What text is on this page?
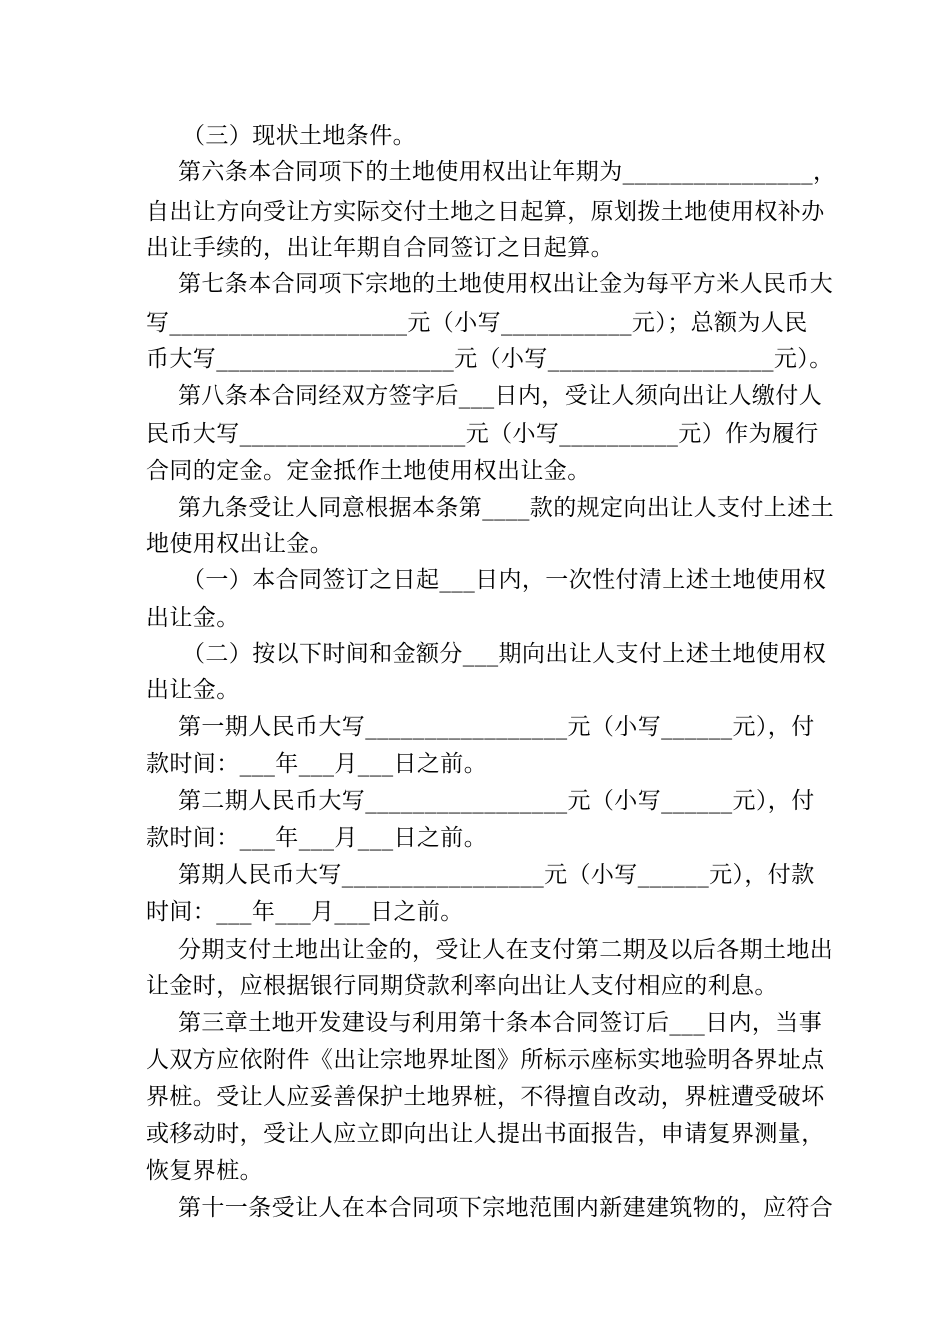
（三）现状土地条件。
第六条本合同项下的土地使用权出让年期为________________，
自出让方向受让方实际交付土地之日起算，原划拨土地使用权补办
出让手续的，出让年期自合同签订之日起算。
第七条本合同项下宗地的土地使用权出让金为每平方米人民币大
写____________________元（小写___________元）；总额为人民
币大写____________________元（小写___________________元）。
第八条本合同经双方签字后___日内，受让人须向出让人缴付人
民币大写___________________元（小写__________元）作为履行
合同的定金。定金抵作土地使用权出让金。
第九条受让人同意根据本条第____款的规定向出让人支付上述土
地使用权出让金。
（一）本合同签订之日起___日内，一次性付清上述土地使用权
出让金。
（二）按以下时间和金额分___期向出让人支付上述土地使用权
出让金。
第一期人民币大写_________________元（小写______元），付
款时间：___年___月___日之前。
第二期人民币大写_________________元（小写______元），付
款时间：___年___月___日之前。
第期人民币大写_________________元（小写______元），付款
时间：___年___月___日之前。
分期支付土地出让金的，受让人在支付第二期及以后各期土地出
让金时，应根据银行同期贷款利率向出让人支付相应的利息。
第三章土地开发建设与利用第十条本合同签订后___日内，当事
人双方应依附件《出让宗地界址图》所标示座标实地验明各界址点
界桩。受让人应妥善保护土地界桩，不得擅自改动，界桩遭受破坏
或移动时，受让人应立即向出让人提出书面报告，申请复界测量，
恢复界桩。
第十一条受让人在本合同项下宗地范围内新建建筑物的，应符合
